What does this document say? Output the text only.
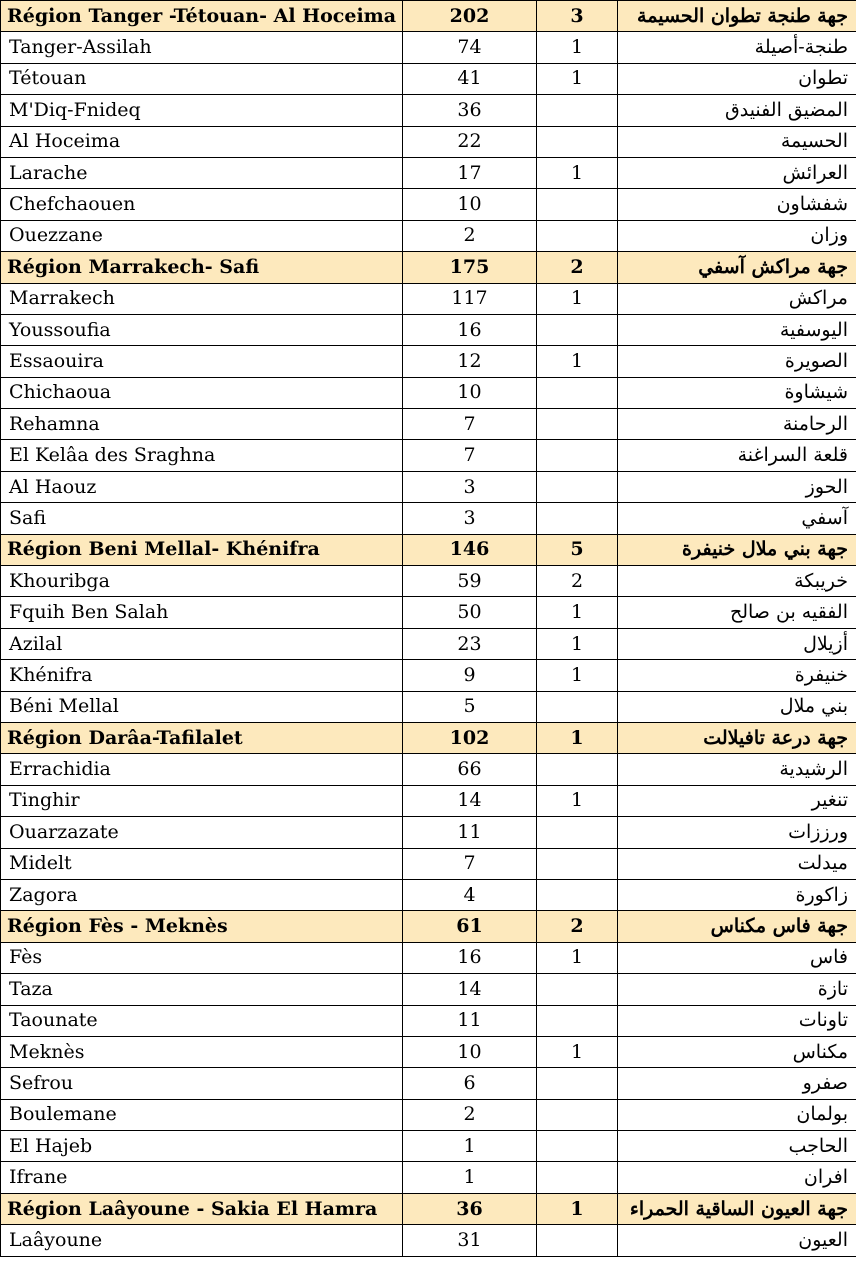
Région Tanger -Tétouan- Al Hoceima	202	3	جهة طنجة تطوان الحسيمة
Tanger-Assilah	74	1	طنجة-أصيلة
Tétouan	41	1	تطوان
M'Diq-Fnideq	36		المضيق الفنيدق
Al Hoceima	22		الحسيمة
Larache	17	1	العرائش
Chefchaouen	10		شفشاون
Ouezzane	2		وزان
Région Marrakech- Safi	175	2	جهة مراكش آسفي
Marrakech	117	1	مراكش
Youssoufia	16		اليوسفية
Essaouira	12	1	الصويرة
Chichaoua	10		شيشاوة
Rehamna	7		الرحامنة
El Kelâa des Sraghna	7		قلعة السراغنة
Al Haouz	3		الحوز
Safi	3		آسفي
Région Beni Mellal- Khénifra	146	5	جهة بني ملال خنيفرة
Khouribga	59	2	خريبكة
Fquih Ben Salah	50	1	الفقيه بن صالح
Azilal	23	1	أزيلال
Khénifra	9	1	خنيفرة
Béni Mellal	5		بني ملال
Région Darâa-Tafilalet	102	1	جهة درعة تافيلالت
Errachidia	66		الرشيدية
Tinghir	14	1	تنغير
Ouarzazate	11		ورززات
Midelt	7		ميدلت
Zagora	4		زاكورة
Région Fès - Meknès	61	2	جهة فاس مكناس
Fès	16	1	فاس
Taza	14		تازة
Taounate	11		تاونات
Meknès	10	1	مكناس
Sefrou	6		صفرو
Boulemane	2		بولمان
El Hajeb	1		الحاجب
Ifrane	1		افران
Région Laâyoune - Sakia El Hamra	36	1	جهة العيون الساقية الحمراء
Laâyoune	31		العيون
